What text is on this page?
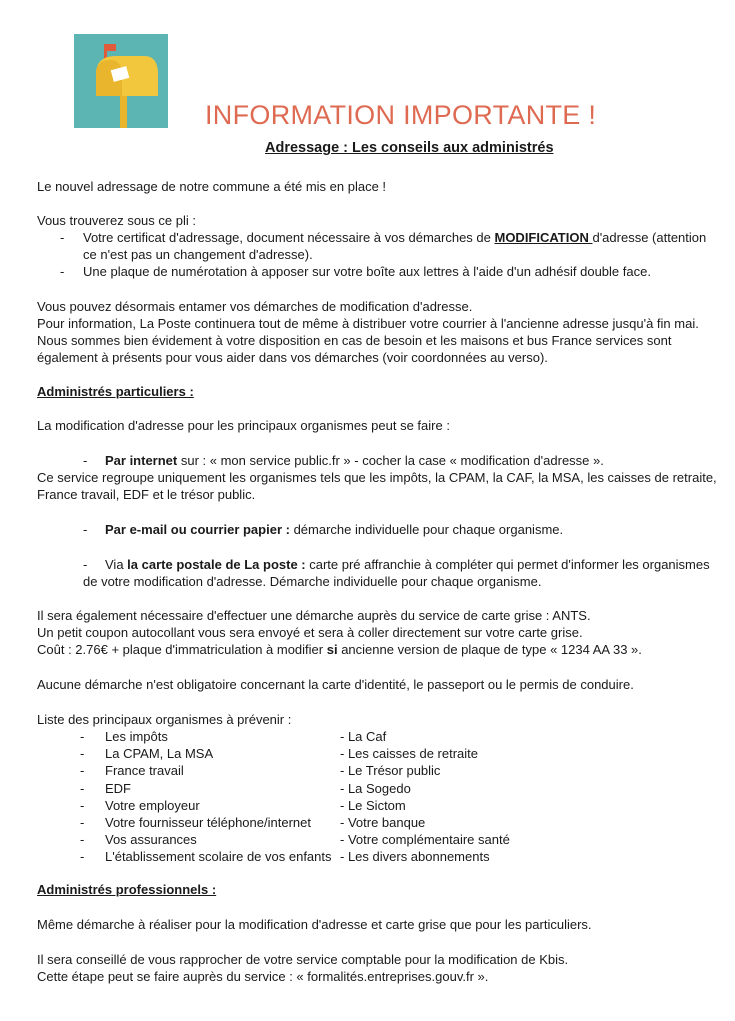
INFORMATION IMPORTANTE !
Adressage : Les conseils aux administrés
Le nouvel adressage de notre commune a été mis en place !
Vous trouverez sous ce pli :
- Votre certificat d'adressage, document nécessaire à vos démarches de MODIFICATION d'adresse (attention
ce n'est pas un changement d'adresse).
- Une plaque de numérotation à apposer sur votre boîte aux lettres à l'aide d'un adhésif double face.
Vous pouvez désormais entamer vos démarches de modification d'adresse.
Pour information, La Poste continuera tout de même à distribuer votre courrier à l'ancienne adresse jusqu'à fin mai.
Nous sommes bien évidement à votre disposition en cas de besoin et les maisons et bus France services sont
également à présents pour vous aider dans vos démarches (voir coordonnées au verso).
Administrés particuliers :
La modification d'adresse pour les principaux organismes peut se faire :
- Par internet sur : « mon service public.fr » - cocher la case « modification d'adresse ».
Ce service regroupe uniquement les organismes tels que les impôts, la CPAM, la CAF, la MSA, les caisses de retraite,
France travail, EDF et le trésor public.
- Par e-mail ou courrier papier : démarche individuelle pour chaque organisme.
- Via la carte postale de La poste : carte pré affranchie à compléter qui permet d'informer les organismes
de votre modification d'adresse. Démarche individuelle pour chaque organisme.
Il sera également nécessaire d'effectuer une démarche auprès du service de carte grise : ANTS.
Un petit coupon autocollant vous sera envoyé et sera à coller directement sur votre carte grise.
Coût : 2.76€ + plaque d'immatriculation à modifier si ancienne version de plaque de type « 1234 AA 33 ».
Aucune démarche n'est obligatoire concernant la carte d'identité, le passeport ou le permis de conduire.
Liste des principaux organismes à prévenir :
- Les impôts
- La CPAM, La MSA
- France travail
- EDF
- Votre employeur
- Votre fournisseur téléphone/internet
- Vos assurances
- L'établissement scolaire de vos enfants
- La Caf
- Les caisses de retraite
- Le Trésor public
- La Sogedo
- Le Sictom
- Votre banque
- Votre complémentaire santé
- Les divers abonnements
Administrés professionnels :
Même démarche à réaliser pour la modification d'adresse et carte grise que pour les particuliers.
Il sera conseillé de vous rapprocher de votre service comptable pour la modification de Kbis.
Cette étape peut se faire auprès du service : « formalités.entreprises.gouv.fr ».
